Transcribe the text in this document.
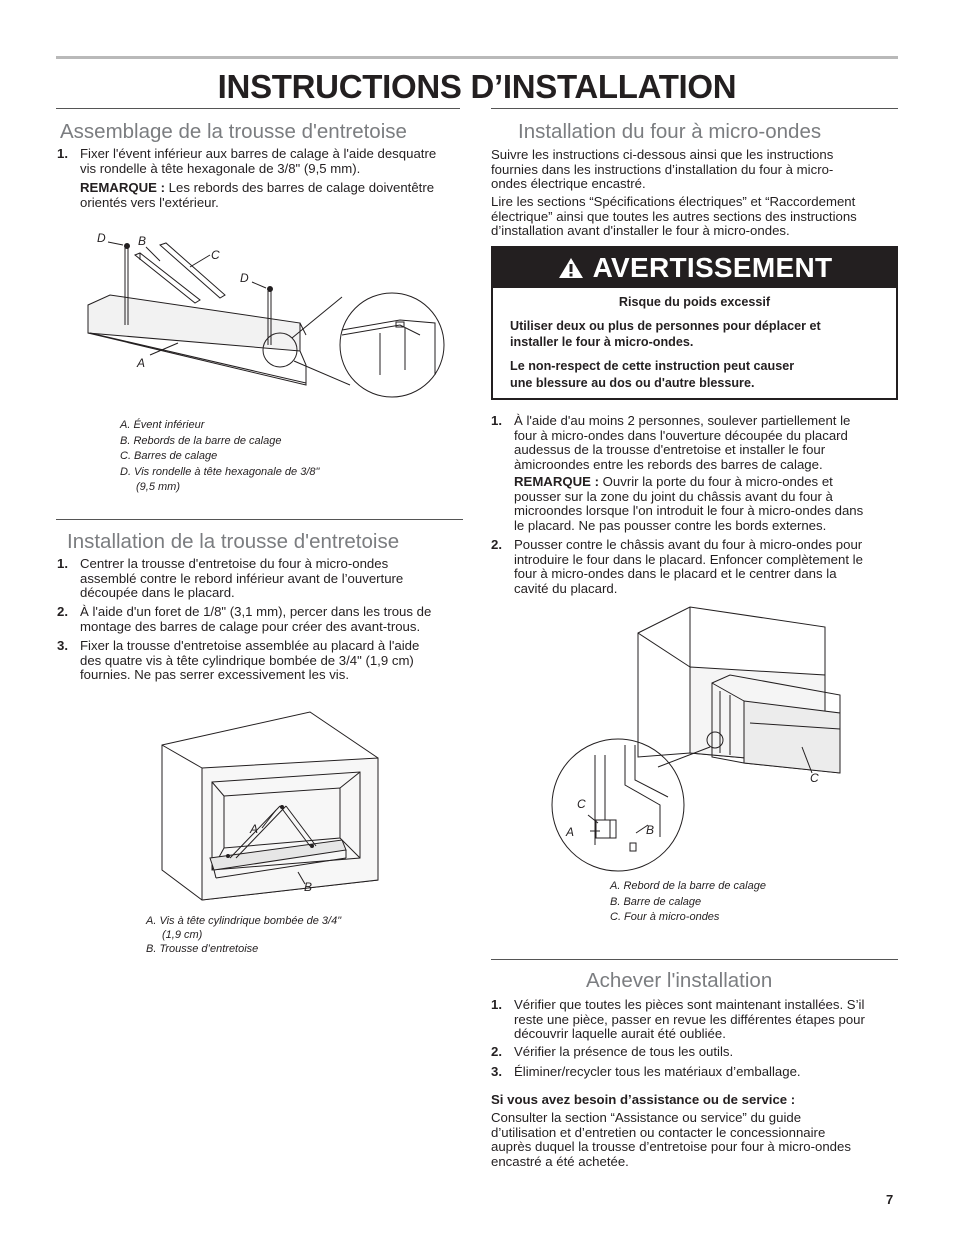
INSTRUCTIONS D’INSTALLATION
Assemblage de la trousse d'entretoise
1. Fixer l'évent inférieur aux barres de calage à l'aide desquatre
vis rondelle à tête hexagonale de 3/8" (9,5 mm).
REMARQUE : Les rebords des barres de calage doiventêtre
orientés vers l'extérieur.
D	B
C
D
A
A. Évent inférieur
B. Rebords de la barre de calage
C. Barres de calage
D. Vis rondelle à tête hexagonale de 3/8"
(9,5 mm)
Installation de la trousse d'entretoise
1. Centrer la trousse d'entretoise du four à micro-ondes
assemblé contre le rebord inférieur avant de l’ouverture
découpée dans le placard.
2. À l'aide d'un foret de 1/8" (3,1 mm), percer dans les trous de
montage des barres de calage pour créer des avant-trous.
3. Fixer la trousse d'entretoise assemblée au placard à l'aide
des quatre vis à tête cylindrique bombée de 3/4" (1,9 cm)
fournies. Ne pas serrer excessivement les vis.
A
B
A. Vis à tête cylindrique bombée de 3/4"
(1,9 cm)
B. Trousse d’entretoise
Installation du four à micro-ondes
Suivre les instructions ci-dessous ainsi que les instructions
fournies dans les instructions d’installation du four à micro-
ondes électrique encastré.
Lire les sections “Spécifications électriques” et “Raccordement
électrique” ainsi que toutes les autres sections des instructions
d’installation avant d'installer le four à micro-ondes.
AVERTISSEMENT
Risque du poids excessif
Utiliser deux ou plus de personnes pour déplacer et
installer le four à micro-ondes.
Le non-respect de cette instruction peut causer
une blessure au dos ou d'autre blessure.
1. À l'aide d'au moins 2 personnes, soulever partiellement le
four à micro-ondes dans l'ouverture découpée du placard
audessus de la trousse d'entretoise et installer le four
àmicroondes entre les rebords des barres de calage.
REMARQUE : Ouvrir la porte du four à micro-ondes et
pousser sur la zone du joint du châssis avant du four à
microondes lorsque l'on introduit le four à micro-ondes dans
le placard. Ne pas pousser contre les bords externes.
2. Pousser contre le châssis avant du four à micro-ondes pour
introduire le four dans le placard. Enfoncer complètement le
four à micro-ondes dans le placard et le centrer dans la
cavité du placard.
C
C
A	B
A. Rebord de la barre de calage
B. Barre de calage
C. Four à micro-ondes
Achever l'installation
1. Vérifier que toutes les pièces sont maintenant installées. S’il
reste une pièce, passer en revue les différentes étapes pour
découvrir laquelle aurait été oubliée.
2. Vérifier la présence de tous les outils.
3. Éliminer/recycler tous les matériaux d’emballage.
Si vous avez besoin d’assistance ou de service :
Consulter la section “Assistance ou service” du guide
d’utilisation et d’entretien ou contacter le concessionnaire
auprès duquel la trousse d’entretoise pour four à micro-ondes
encastré a été achetée.
7
